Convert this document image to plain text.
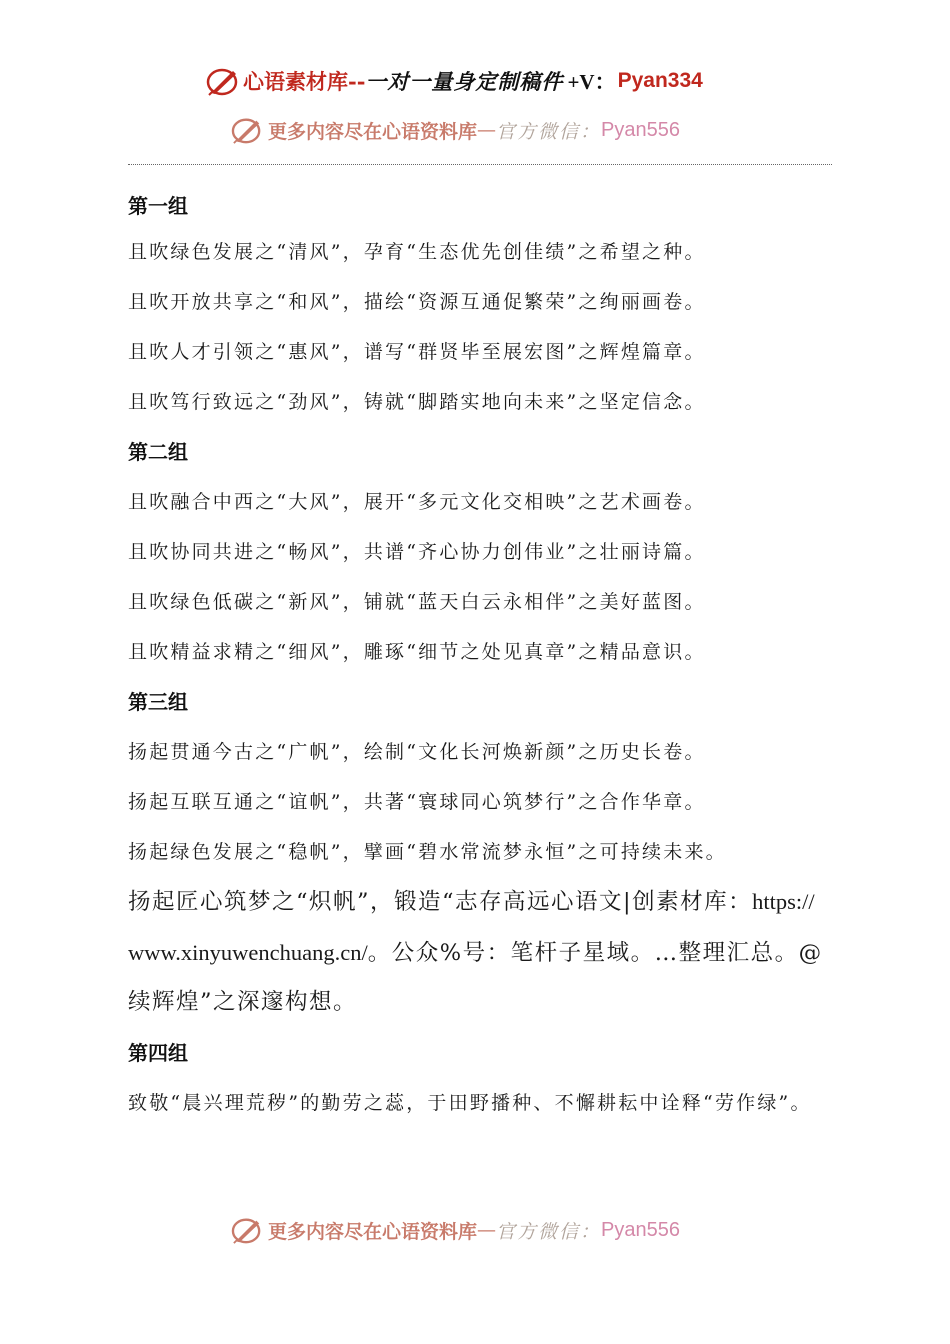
心语素材库 -- 一对一量身定制稿件 +V： Pyan334
更多内容尽在心语资料库 — 官方微信： Pyan556
第一组
且吹绿色发展之“清风”，孕育“生态优先创佳绩”之希望之种。
且吹开放共享之“和风”，描绘“资源互通促繁荣”之绚丽画卷。
且吹人才引领之“惠风”，谱写“群贤毕至展宏图”之辉煌篇章。
且吹笃行致远之“劲风”，铸就“脚踏实地向未来”之坚定信念。
第二组
且吹融合中西之“大风”，展开“多元文化交相映”之艺术画卷。
且吹协同共进之“畅风”，共谱“齐心协力创伟业”之壮丽诗篇。
且吹绿色低碳之“新风”，铺就“蓝天白云永相伴”之美好蓝图。
且吹精益求精之“细风”，雕琢“细节之处见真章”之精品意识。
第三组
扬起贯通今古之“广帆”，绘制“文化长河焕新颜”之历史长卷。
扬起互联互通之“谊帆”，共著“寰球同心筑梦行”之合作华章。
扬起绿色发展之“稳帆”，擘画“碧水常流梦永恒”之可持续未来。
扬起匠心筑梦之“炽帆”，锻造“志存高远心语文|创素材库：https://www.xinyuwenchuang.cn/。公众%号：笔杆子星域。…整理汇总。@续辉煌”之深邃构想。
第四组
致敬“晨兴理荒秽”的勤劳之蕊，于田野播种、不懈耕耘中诠释“劳作绿”。
更多内容尽在心语资料库 — 官方微信： Pyan556
